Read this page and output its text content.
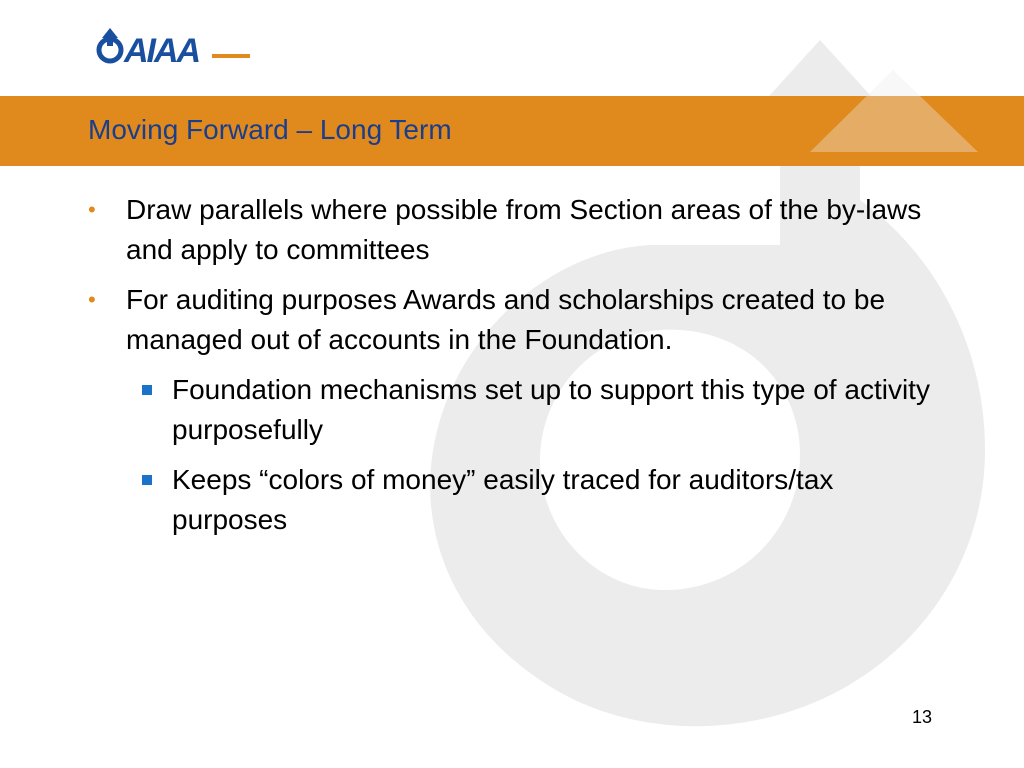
AIAA
Moving Forward – Long Term
• Draw parallels where possible from Section areas of the by-laws and apply to committees
• For auditing purposes Awards and scholarships created to be managed out of accounts in the Foundation.
Foundation mechanisms set up to support this type of activity purposefully
Keeps “colors of money” easily traced for auditors/tax purposes
13
